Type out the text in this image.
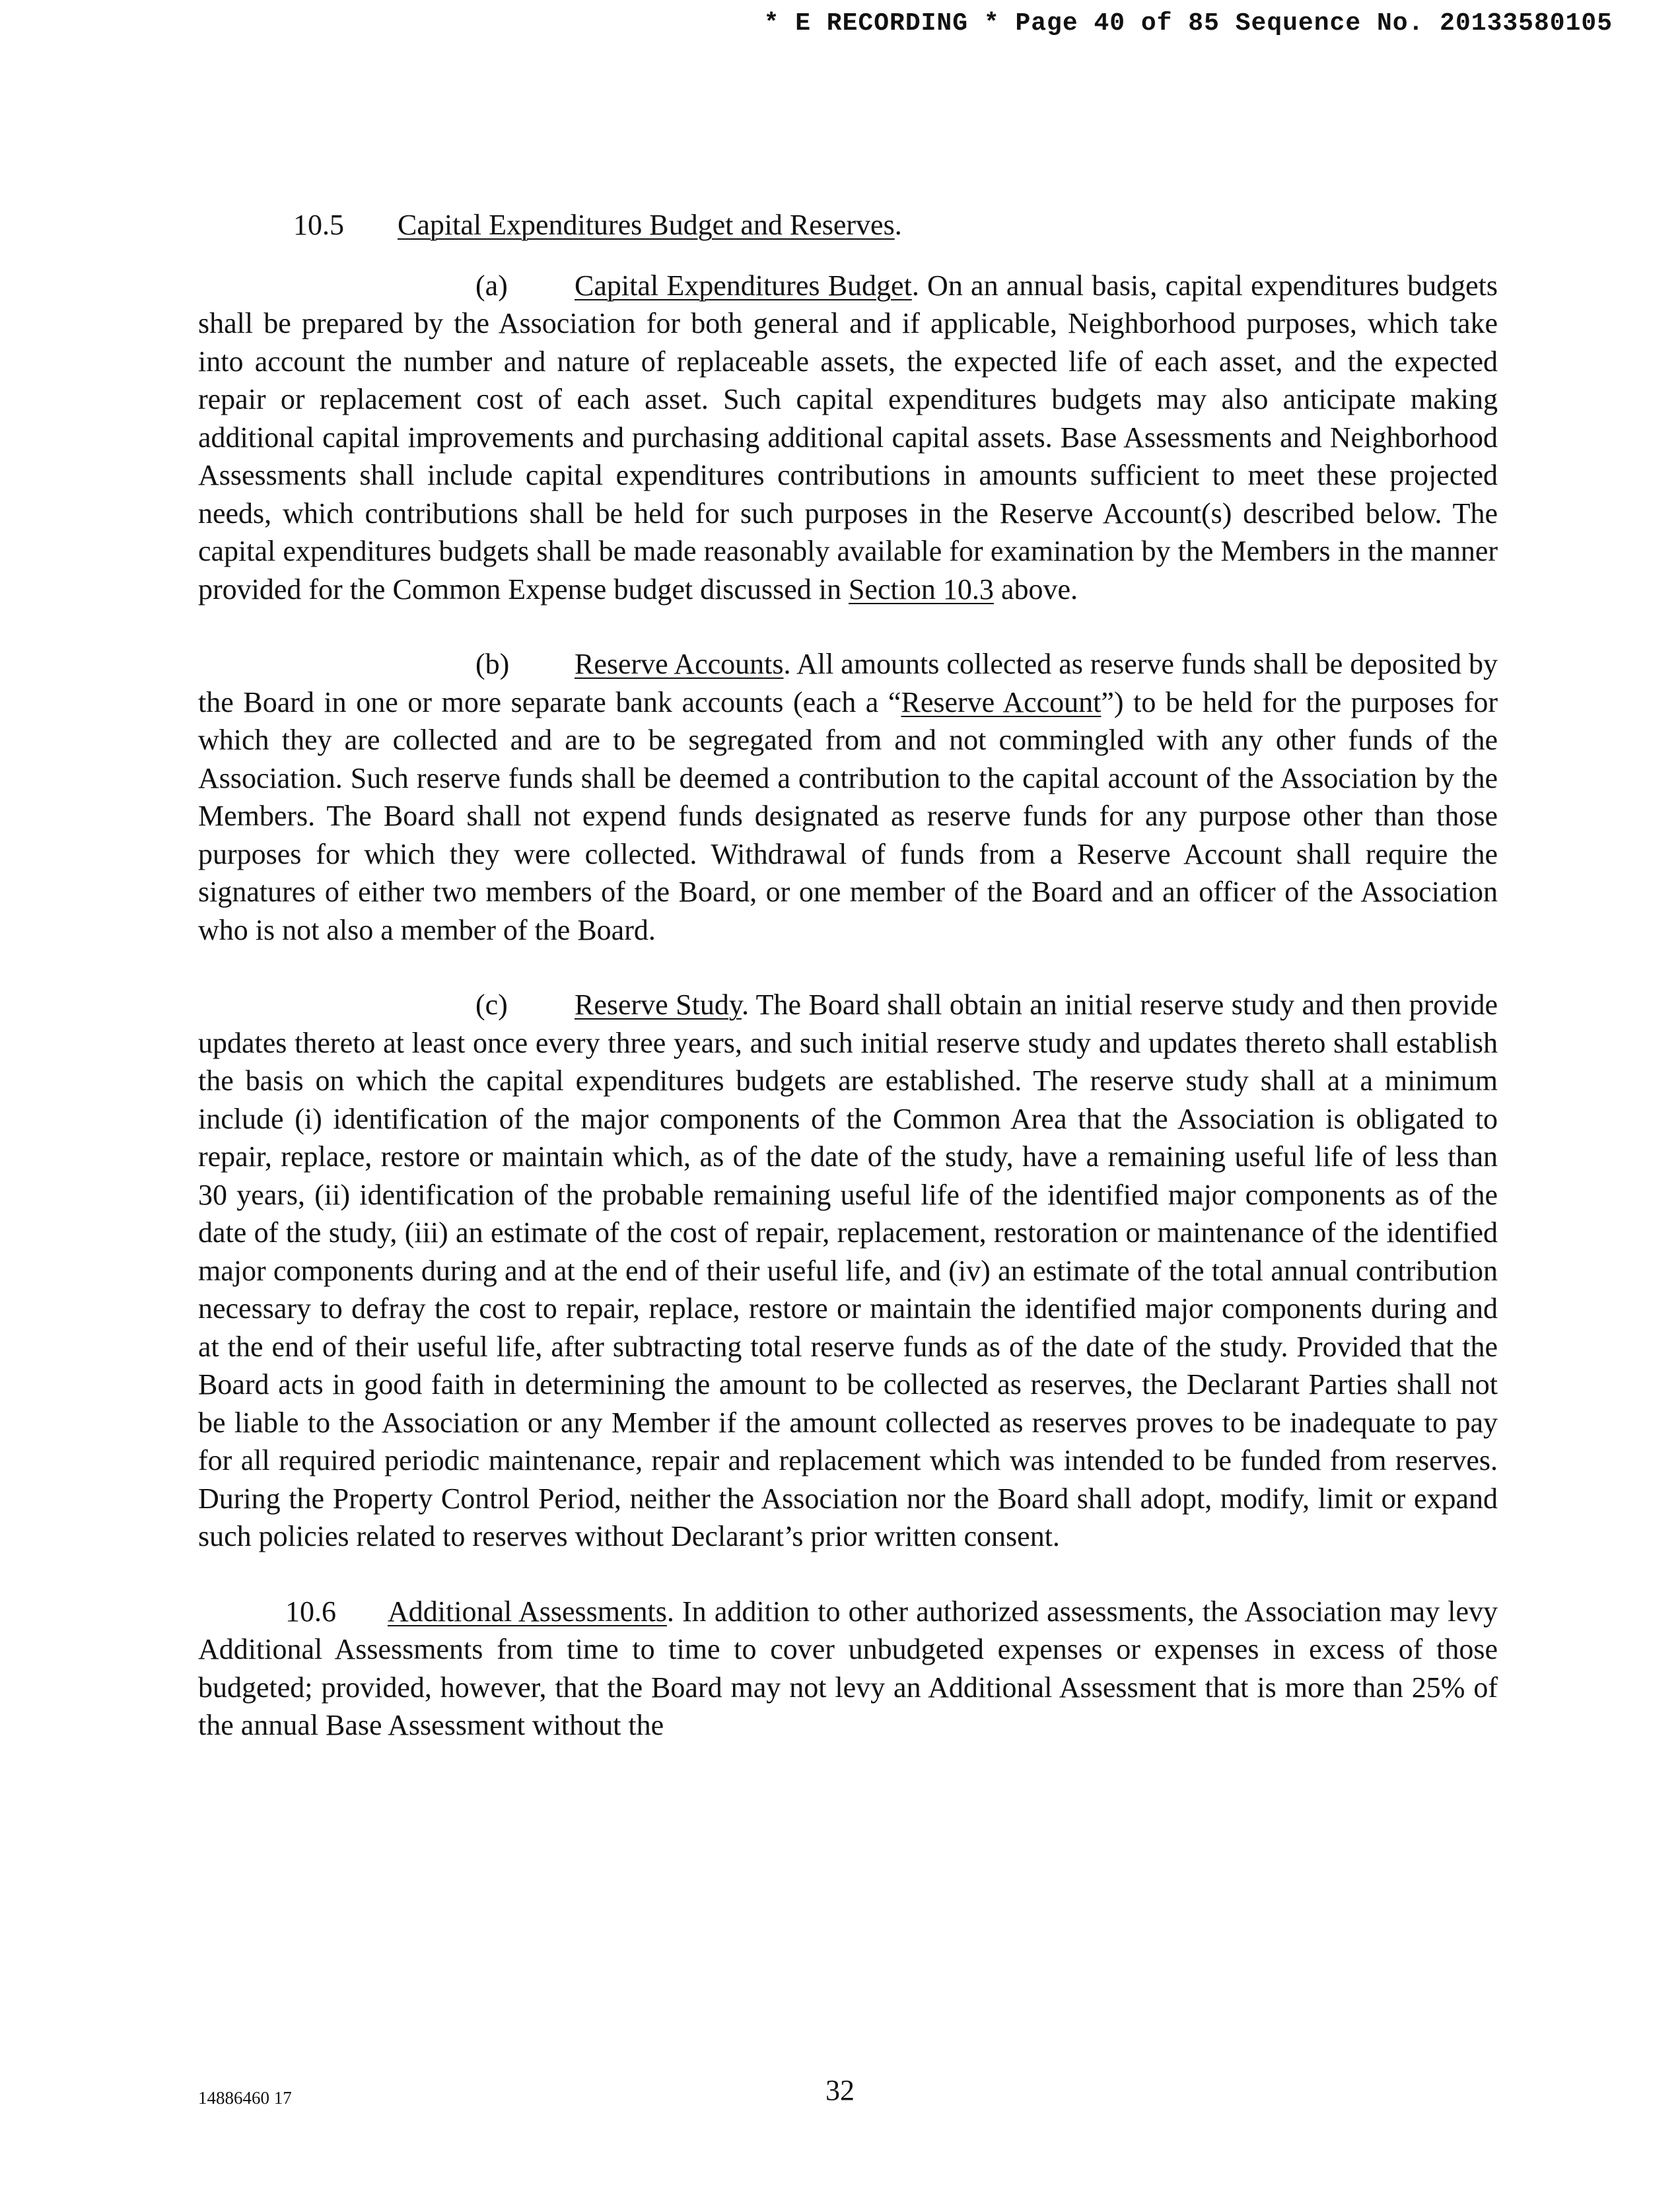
* E RECORDING * Page 40 of 85 Sequence No. 20133580105

10.5 Capital Expenditures Budget and Reserves.

(a) Capital Expenditures Budget. On an annual basis, capital expenditures budgets shall be prepared by the Association for both general and if applicable, Neighborhood purposes, which take into account the number and nature of replaceable assets, the expected life of each asset, and the expected repair or replacement cost of each asset. Such capital expenditures budgets may also anticipate making additional capital improvements and purchasing additional capital assets. Base Assessments and Neighborhood Assessments shall include capital expenditures contributions in amounts sufficient to meet these projected needs, which contributions shall be held for such purposes in the Reserve Account(s) described below. The capital expenditures budgets shall be made reasonably available for examination by the Members in the manner provided for the Common Expense budget discussed in Section 10.3 above.

(b) Reserve Accounts. All amounts collected as reserve funds shall be deposited by the Board in one or more separate bank accounts (each a “Reserve Account”) to be held for the purposes for which they are collected and are to be segregated from and not commingled with any other funds of the Association. Such reserve funds shall be deemed a contribution to the capital account of the Association by the Members. The Board shall not expend funds designated as reserve funds for any purpose other than those purposes for which they were collected. Withdrawal of funds from a Reserve Account shall require the signatures of either two members of the Board, or one member of the Board and an officer of the Association who is not also a member of the Board.

(c) Reserve Study. The Board shall obtain an initial reserve study and then provide updates thereto at least once every three years, and such initial reserve study and updates thereto shall establish the basis on which the capital expenditures budgets are established. The reserve study shall at a minimum include (i) identification of the major components of the Common Area that the Association is obligated to repair, replace, restore or maintain which, as of the date of the study, have a remaining useful life of less than 30 years, (ii) identification of the probable remaining useful life of the identified major components as of the date of the study, (iii) an estimate of the cost of repair, replacement, restoration or maintenance of the identified major components during and at the end of their useful life, and (iv) an estimate of the total annual contribution necessary to defray the cost to repair, replace, restore or maintain the identified major components during and at the end of their useful life, after subtracting total reserve funds as of the date of the study. Provided that the Board acts in good faith in determining the amount to be collected as reserves, the Declarant Parties shall not be liable to the Association or any Member if the amount collected as reserves proves to be inadequate to pay for all required periodic maintenance, repair and replacement which was intended to be funded from reserves. During the Property Control Period, neither the Association nor the Board shall adopt, modify, limit or expand such policies related to reserves without Declarant’s prior written consent.

10.6 Additional Assessments. In addition to other authorized assessments, the Association may levy Additional Assessments from time to time to cover unbudgeted expenses or expenses in excess of those budgeted; provided, however, that the Board may not levy an Additional Assessment that is more than 25% of the annual Base Assessment without the

14886460 17	32
